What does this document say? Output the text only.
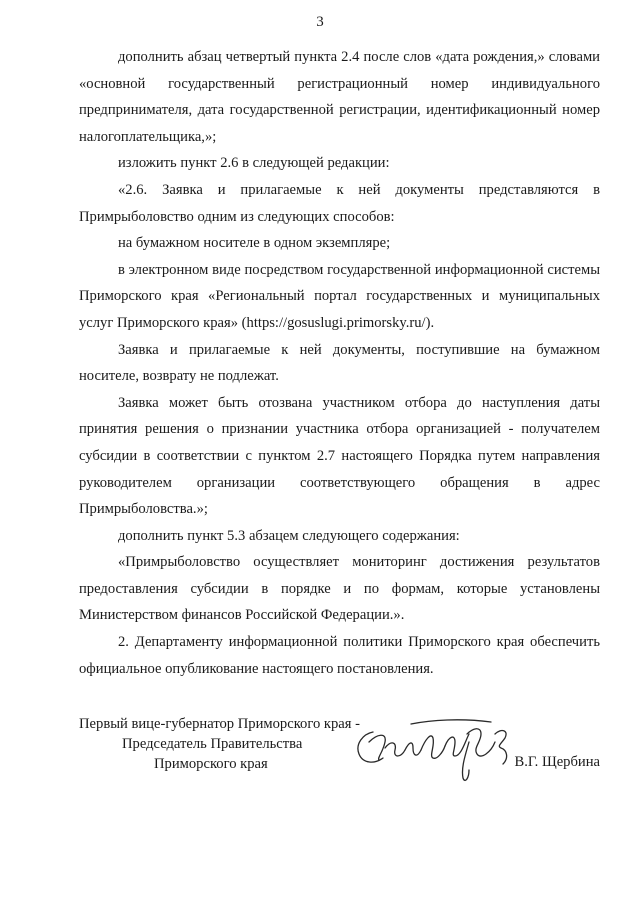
3

дополнить абзац четвертый пункта 2.4 после слов «дата рождения,» словами «основной государственный регистрационный номер индивидуального предпринимателя, дата государственной регистрации, идентификационный номер налогоплательщика,»;

изложить пункт 2.6 в следующей редакции:

«2.6. Заявка и прилагаемые к ней документы представляются в Примрыболовство одним из следующих способов:

на бумажном носителе в одном экземпляре;

в электронном виде посредством государственной информационной системы Приморского края «Региональный портал государственных и муниципальных услуг Приморского края» (https://gosuslugi.primorsky.ru/).

Заявка и прилагаемые к ней документы, поступившие на бумажном носителе, возврату не подлежат.

Заявка может быть отозвана участником отбора до наступления даты принятия решения о признании участника отбора организацией - получателем субсидии в соответствии с пунктом 2.7 настоящего Порядка путем направления руководителем организации соответствующего обращения в адрес Примрыболовства.»;

дополнить пункт 5.3 абзацем следующего содержания:

«Примрыболовство осуществляет мониторинг достижения результатов предоставления субсидии в порядке и по формам, которые установлены Министерством финансов Российской Федерации.».

2. Департаменту информационной политики Приморского края обеспечить официальное опубликование настоящего постановления.

Первый вице-губернатор Приморского края -
Председатель Правительства
Приморского края	В.Г. Щербина
